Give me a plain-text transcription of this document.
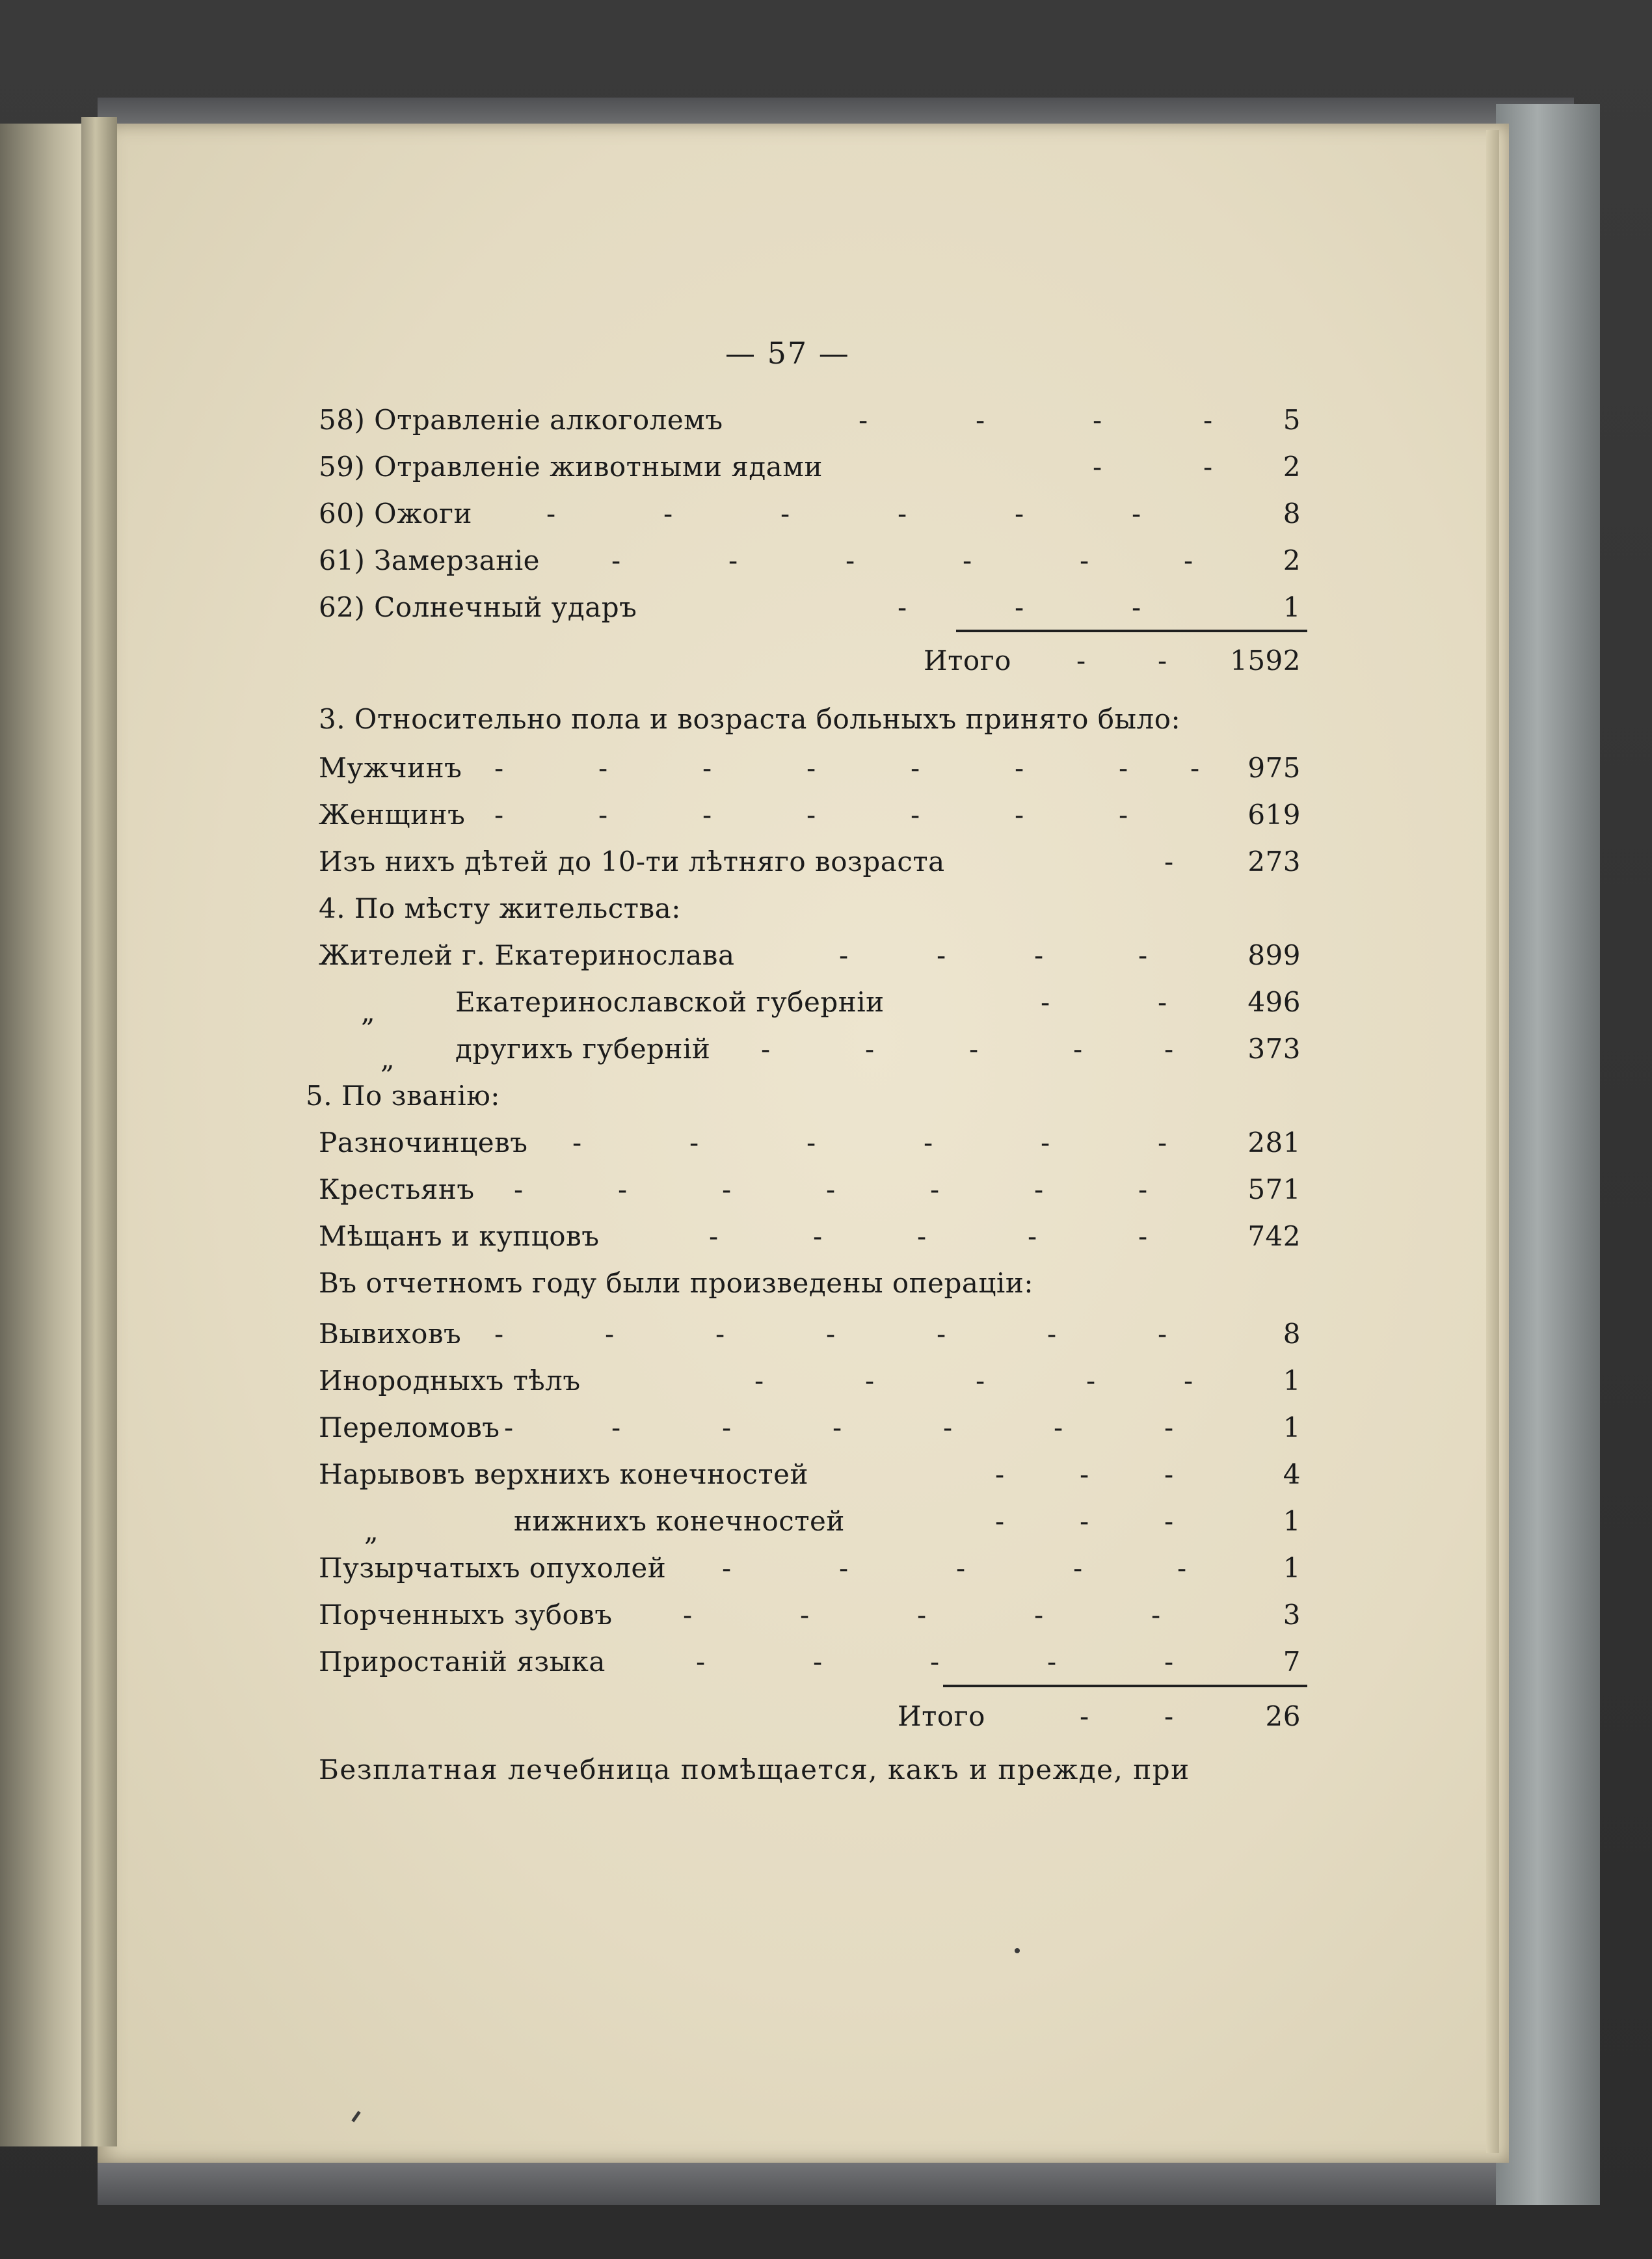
— 57 —
58) Отравленіе алкоголемъ	-	-	-	-	5
59) Отравленіе животными ядами	-	-	2
60) Ожоги	-	-	-	-	-	-	8
61) Замерзаніе	-	-	-	-	-	-	2
62) Солнечный ударъ	-	-	-	1
Итого -	-	1592
3. Относительно пола и возраста больныхъ принято было:
Мужчинъ -	-	-	-	-	-	- -	975
Женщинъ -	-	-	-	-	-	-	619
Изъ нихъ дѣтей до 10-ти лѣтняго возраста	-	273
4. По мѣсту жительства:
Жителей г. Екатеринослава	-	-	-	-	899
„	Екатеринославской губерніи	-	-	496
„ другихъ губерній -	-	-	-	-	373
5. По званію:
Разночинцевъ -	-	-	-	-	-	281
Крестьянъ -	-	-	-	-	-	-	571
Мѣщанъ и купцовъ	-	-	-	-	-	742
Въ отчетномъ году были произведены операціи:
Вывиховъ -	-	-	-	-	-	-	8
Инородныхъ тѣлъ	-	-	-	-	-	1
Переломовъ -	-	-	-	-	-	-	1
Нарывовъ верхнихъ конечностей	-	-	-	4
„	нижнихъ конечностей	-	-	-	1
Пузырчатыхъ опухолей -	-	-	-	-	1
Порченныхъ зубовъ	-	-	-	-	-	3
Приростаній языка	-	-	-	-	-	7
Итого	-	-	26
Безплатная лечебница помѣщается, какъ и прежде, при
